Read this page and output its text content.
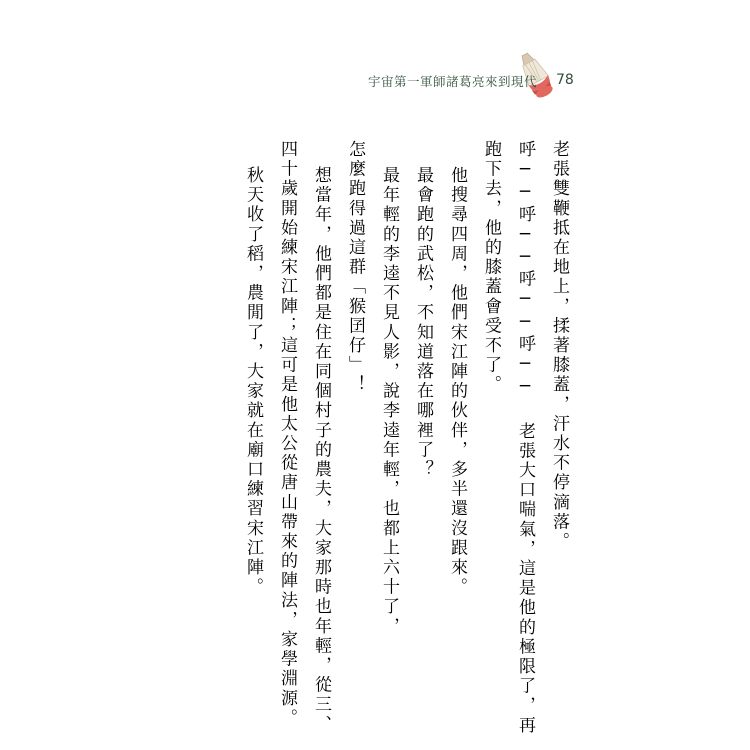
宇宙第一軍師諸葛亮來到現代 78
老張雙鞭抵在地上，揉著膝蓋，汗水不停滴落。
呼──呼──呼──呼── 老張大口喘氣，這是他的極限了，再
跑下去，他的膝蓋會受不了。
他搜尋四周，他們宋江陣的伙伴，多半還沒跟來。
最會跑的武松，不知道落在哪裡了？
最年輕的李逵不見人影，說李逵年輕，也都上六十了，
怎麼跑得過這群「猴囝仔」！
想當年，他們都是住在同個村子的農夫，大家那時也年輕，從三、
四十歲開始練宋江陣；這可是他太公從唐山帶來的陣法，家學淵源。
秋天收了稻，農閒了，大家就在廟口練習宋江陣。
